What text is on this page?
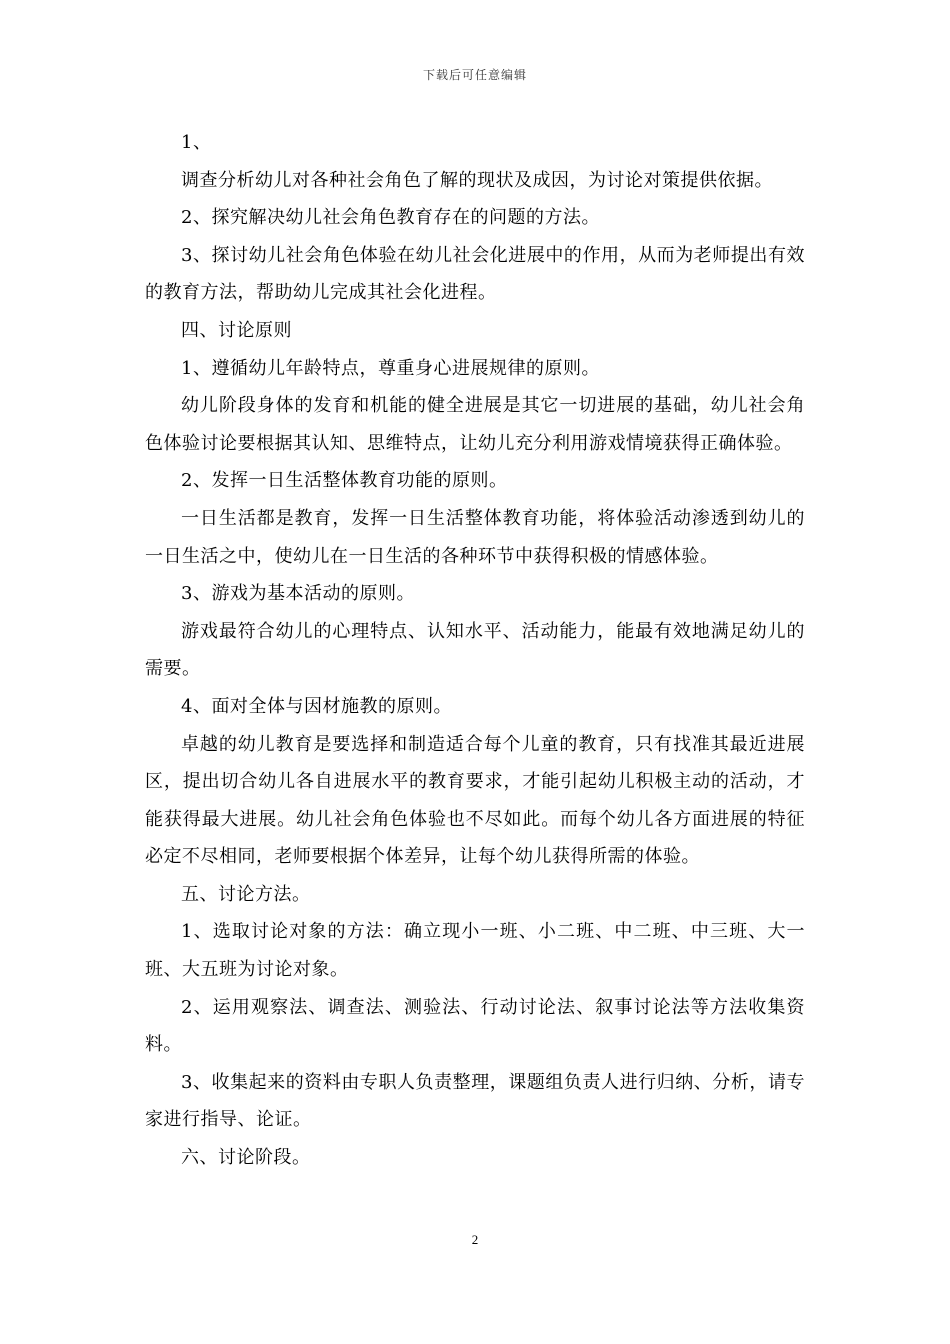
下载后可任意编辑

1、

调查分析幼儿对各种社会角色了解的现状及成因，为讨论对策提供依据。

2、探究解决幼儿社会角色教育存在的问题的方法。

3、探讨幼儿社会角色体验在幼儿社会化进展中的作用，从而为老师提出有效的教育方法，帮助幼儿完成其社会化进程。

四、讨论原则

1、遵循幼儿年龄特点，尊重身心进展规律的原则。

幼儿阶段身体的发育和机能的健全进展是其它一切进展的基础，幼儿社会角色体验讨论要根据其认知、思维特点，让幼儿充分利用游戏情境获得正确体验。

2、发挥一日生活整体教育功能的原则。

一日生活都是教育，发挥一日生活整体教育功能，将体验活动渗透到幼儿的一日生活之中，使幼儿在一日生活的各种环节中获得积极的情感体验。

3、游戏为基本活动的原则。

游戏最符合幼儿的心理特点、认知水平、活动能力，能最有效地满足幼儿的需要。

4、面对全体与因材施教的原则。

卓越的幼儿教育是要选择和制造适合每个儿童的教育，只有找准其最近进展区，提出切合幼儿各自进展水平的教育要求，才能引起幼儿积极主动的活动，才能获得最大进展。幼儿社会角色体验也不尽如此。而每个幼儿各方面进展的特征必定不尽相同，老师要根据个体差异，让每个幼儿获得所需的体验。

五、讨论方法。

1、选取讨论对象的方法：确立现小一班、小二班、中二班、中三班、大一班、大五班为讨论对象。

2、运用观察法、调查法、测验法、行动讨论法、叙事讨论法等方法收集资料。

3、收集起来的资料由专职人负责整理，课题组负责人进行归纳、分析，请专家进行指导、论证。

六、讨论阶段。

2
